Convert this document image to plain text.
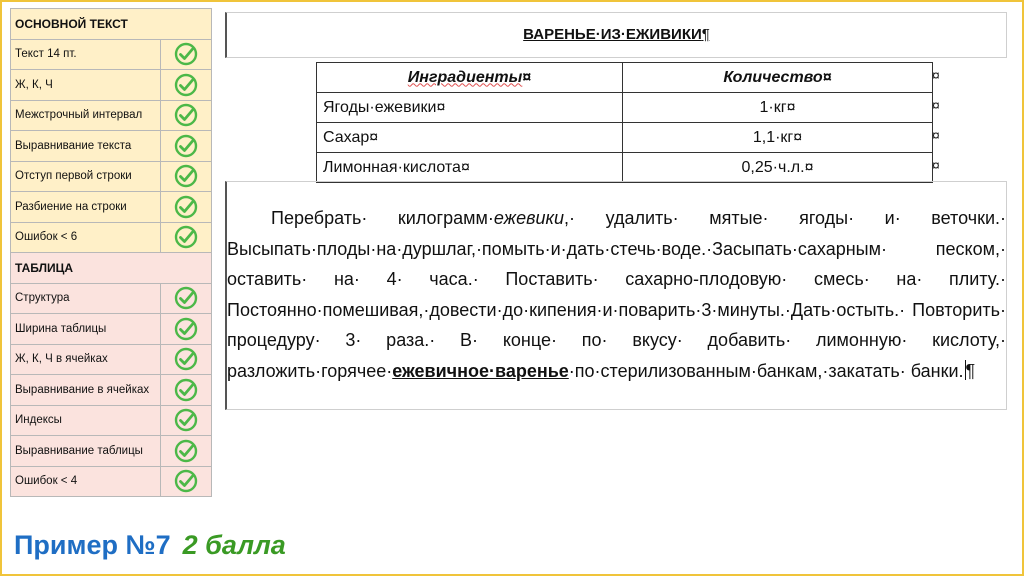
ОСНОВНОЙ ТЕКСТ	
Текст 14 пт.	
Ж, К, Ч	
Межстрочный интервал	
Выравнивание текста	
Отступ первой строки	
Разбиение на строки	
Ошибок < 6	
ТАБЛИЦА	
Структура	
Ширина таблицы	
Ж, К, Ч в ячейках	
Выравнивание в ячейках	
Индексы	
Выравнивание таблицы	
Ошибок < 4	
ВАРЕНЬЕ·ИЗ·ЕЖИВИКИ¶
Ингрaдиенты¤	Количество¤
Ягоды·ежевики¤	1·кг¤
Сахар¤	1,1·кг¤
Лимонная·кислота¤	0,25·ч.л.¤
¤
¤
¤
¤

Перебрать· килограмм·ежевики,· удалить· мятые· ягоды· и· веточки.· Высыпать·плоды·на·дуршлаг,·помыть·и·дать·стечь·воде.·Засыпать·сахарным· песком,· оставить· на· 4· часа.· Поставить· сахарно-плодовую· смесь· на· плиту.· Постоянно·помешивая,·довести·до·кипения·и·поварить·3·минуты.·Дать·остыть.· Повторить· процедуру· 3· раза.· В· конце· по· вкусу· добавить· лимонную· кислоту,· разложить·горячее·ежевичное·варенье·по·стерилизованным·банкам,·закатать· банки. ¶

Пример №7 2 балла
